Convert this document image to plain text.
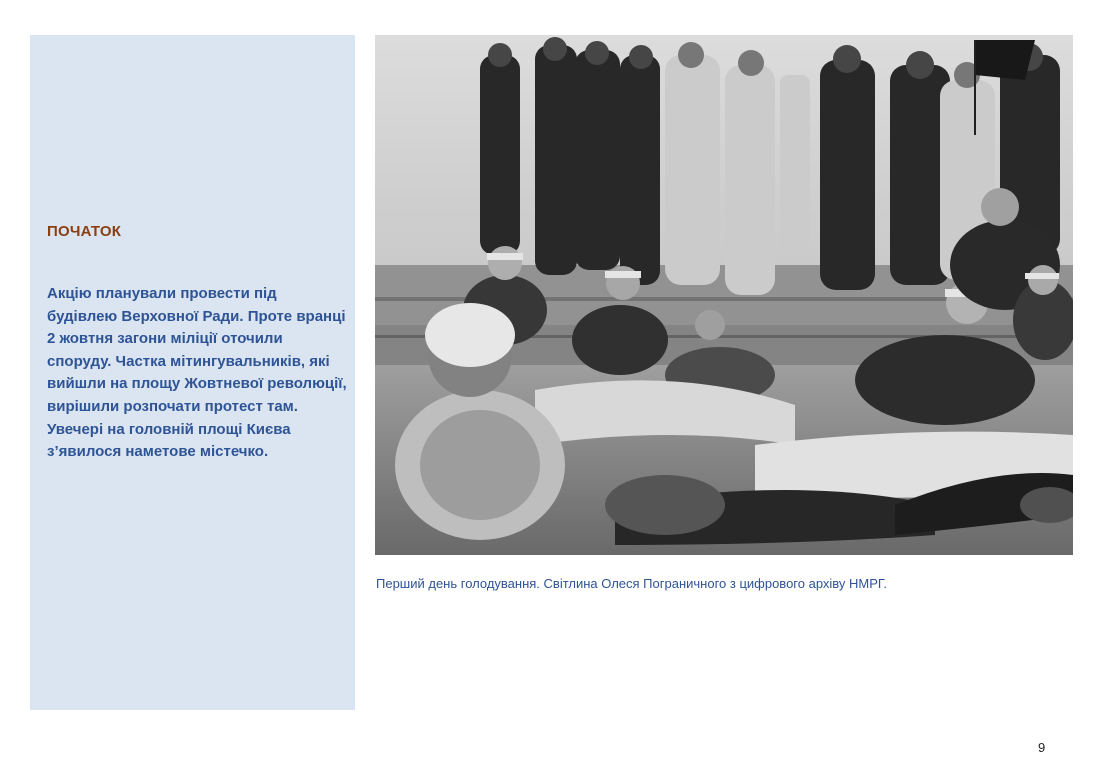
ПОЧАТОК

Акцію планували провести під будівлею Верховної Ради. Проте вранці 2 жовтня загони міліції оточили споруду. Частка мітингувальників, які вийшли на площу Жовтневої революції, вирішили розпочати протест там. Увечері на головній площі Києва з’явилося наметове містечко.

Перший день голодування. Світлина Олеся Пограничного з цифрового архіву НМРГ.

9
